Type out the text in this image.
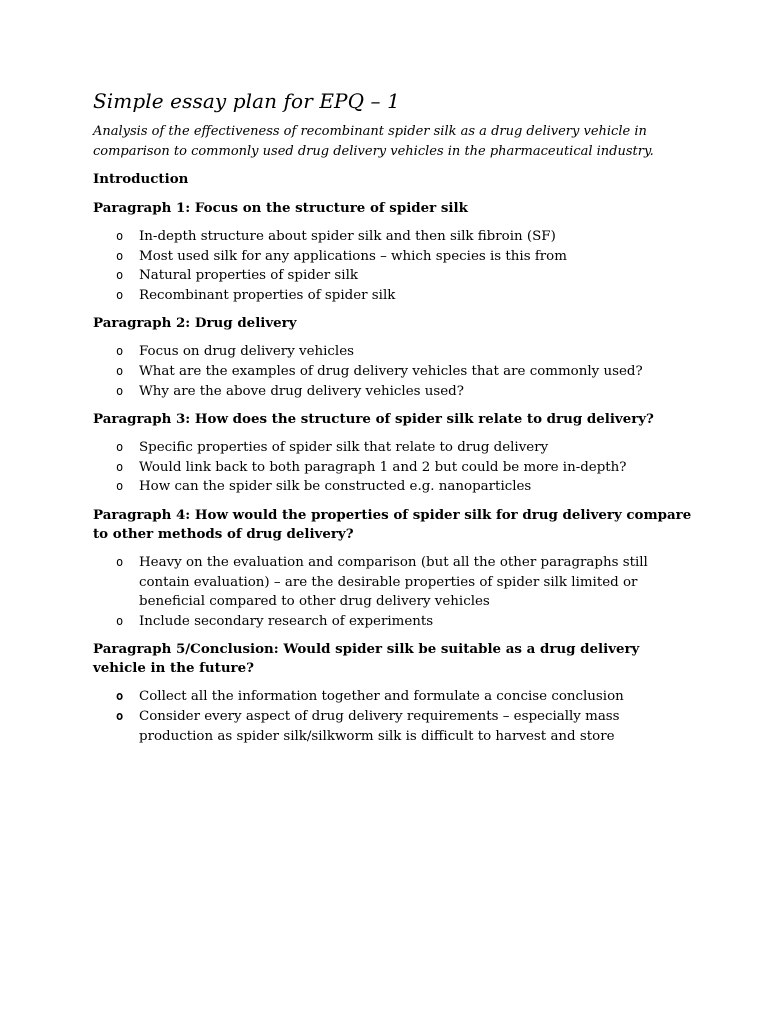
Simple essay plan for EPQ – 1

Analysis of the effectiveness of recombinant spider silk as a drug delivery vehicle in comparison to commonly used drug delivery vehicles in the pharmaceutical industry.

Introduction
Paragraph 1: Focus on the structure of spider silk
o In-depth structure about spider silk and then silk fibroin (SF)
o Most used silk for any applications – which species is this from
o Natural properties of spider silk
o Recombinant properties of spider silk
Paragraph 2: Drug delivery
o Focus on drug delivery vehicles
o What are the examples of drug delivery vehicles that are commonly used?
o Why are the above drug delivery vehicles used?
Paragraph 3: How does the structure of spider silk relate to drug delivery?
o Specific properties of spider silk that relate to drug delivery
o Would link back to both paragraph 1 and 2 but could be more in-depth?
o How can the spider silk be constructed e.g. nanoparticles
Paragraph 4: How would the properties of spider silk for drug delivery compare to other methods of drug delivery?
o Heavy on the evaluation and comparison (but all the other paragraphs still contain evaluation) – are the desirable properties of spider silk limited or beneficial compared to other drug delivery vehicles
o Include secondary research of experiments
Paragraph 5/Conclusion: Would spider silk be suitable as a drug delivery vehicle in the future?
o Collect all the information together and formulate a concise conclusion
o Consider every aspect of drug delivery requirements – especially mass production as spider silk/silkworm silk is difficult to harvest and store
